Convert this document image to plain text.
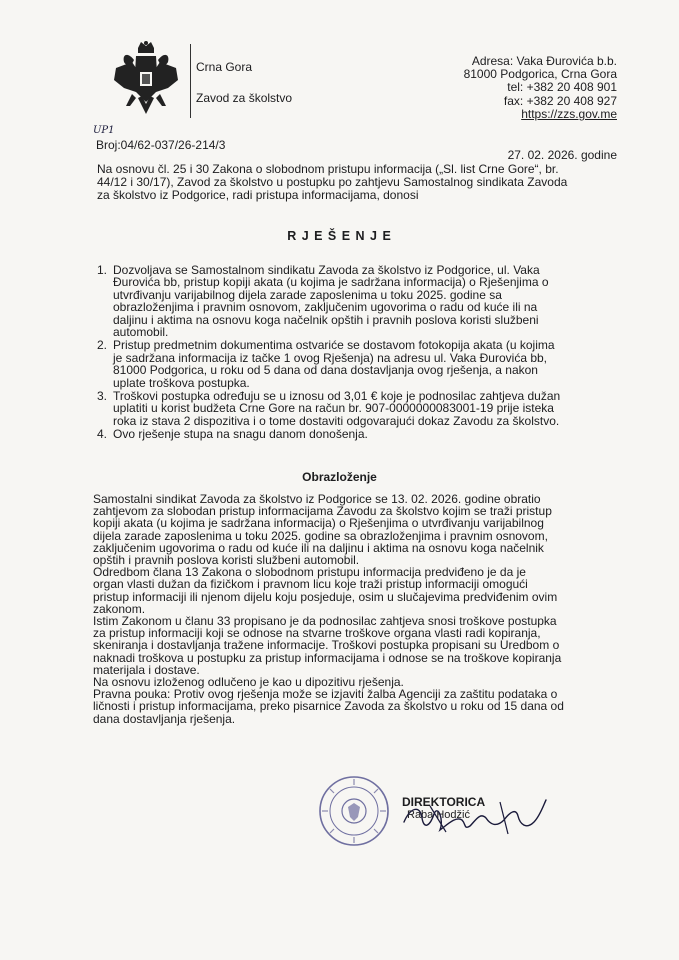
Crna Gora
Zavod za školstvo
Adresa: Vaka Đurovića b.b.
81000 Podgorica, Crna Gora
tel: +382 20 408 901
fax: +382 20 408 927
https://zzs.gov.me
UP1
Broj:04/62-037/26-214/3
27. 02. 2026. godine
Na osnovu čl. 25 i 30 Zakona o slobodnom pristupu informacija („Sl. list Crne Gore“, br.
44/12 i 30/17), Zavod za školstvo u postupku po zahtjevu Samostalnog sindikata Zavoda
za školstvo iz Podgorice, radi pristupa informacijama, donosi
R J E Š E N J E
1. Dozvoljava se Samostalnom sindikatu Zavoda za školstvo iz Podgorice, ul. Vaka
Đurovića bb, pristup kopiji akata (u kojima je sadržana informacija) o Rješenjima o
utvrđivanju varijabilnog dijela zarade zaposlenima u toku 2025. godine sa
obrazloženjima i pravnim osnovom, zaključenim ugovorima o radu od kuće ili na
daljinu i aktima na osnovu koga načelnik opštih i pravnih poslova koristi službeni
automobil.
2. Pristup predmetnim dokumentima ostvariće se dostavom fotokopija akata (u kojima
je sadržana informacija iz tačke 1 ovog Rješenja) na adresu ul. Vaka Đurovića bb,
81000 Podgorica, u roku od 5 dana od dana dostavljanja ovog rješenja, a nakon
uplate troškova postupka.
3. Troškovi postupka određuju se u iznosu od 3,01 € koje je podnosilac zahtjeva dužan
uplatiti u korist budžeta Crne Gore na račun br. 907-0000000083001-19 prije isteka
roka iz stava 2 dispozitiva i o tome dostaviti odgovarajući dokaz Zavodu za školstvo.
4. Ovo rješenje stupa na snagu danom donošenja.
Obrazloženje
Samostalni sindikat Zavoda za školstvo iz Podgorice se 13. 02. 2026. godine obratio
zahtjevom za slobodan pristup informacijama Zavodu za školstvo kojim se traži pristup
kopiji akata (u kojima je sadržana informacija) o Rješenjima o utvrđivanju varijabilnog
dijela zarade zaposlenima u toku 2025. godine sa obrazloženjima i pravnim osnovom,
zaključenim ugovorima o radu od kuće ili na daljinu i aktima na osnovu koga načelnik
opštih i pravnih poslova koristi službeni automobil.
Odredbom člana 13 Zakona o slobodnom pristupu informacija predviđeno je da je
organ vlasti dužan da fizičkom i pravnom licu koje traži pristup informaciji omogući
pristup informaciji ili njenom dijelu koju posjeduje, osim u slučajevima predviđenim ovim
zakonom.
Istim Zakonom u članu 33 propisano je da podnosilac zahtjeva snosi troškove postupka
za pristup informaciji koji se odnose na stvarne troškove organa vlasti radi kopiranja,
skeniranja i dostavljanja tražene informacije. Troškovi postupka propisani su Uredbom o
naknadi troškova u postupku za pristup informacijama i odnose se na troškove kopiranja
materijala i dostave.
Na osnovu izloženog odlučeno je kao u dipozitivu rješenja.
Pravna pouka: Protiv ovog rješenja može se izjaviti žalba Agenciji za zaštitu podataka o
ličnosti i pristup informacijama, preko pisarnice Zavoda za školstvo u roku od 15 dana od
dana dostavljanja rješenja.
DIREKTORICA
Raba Hodžić
